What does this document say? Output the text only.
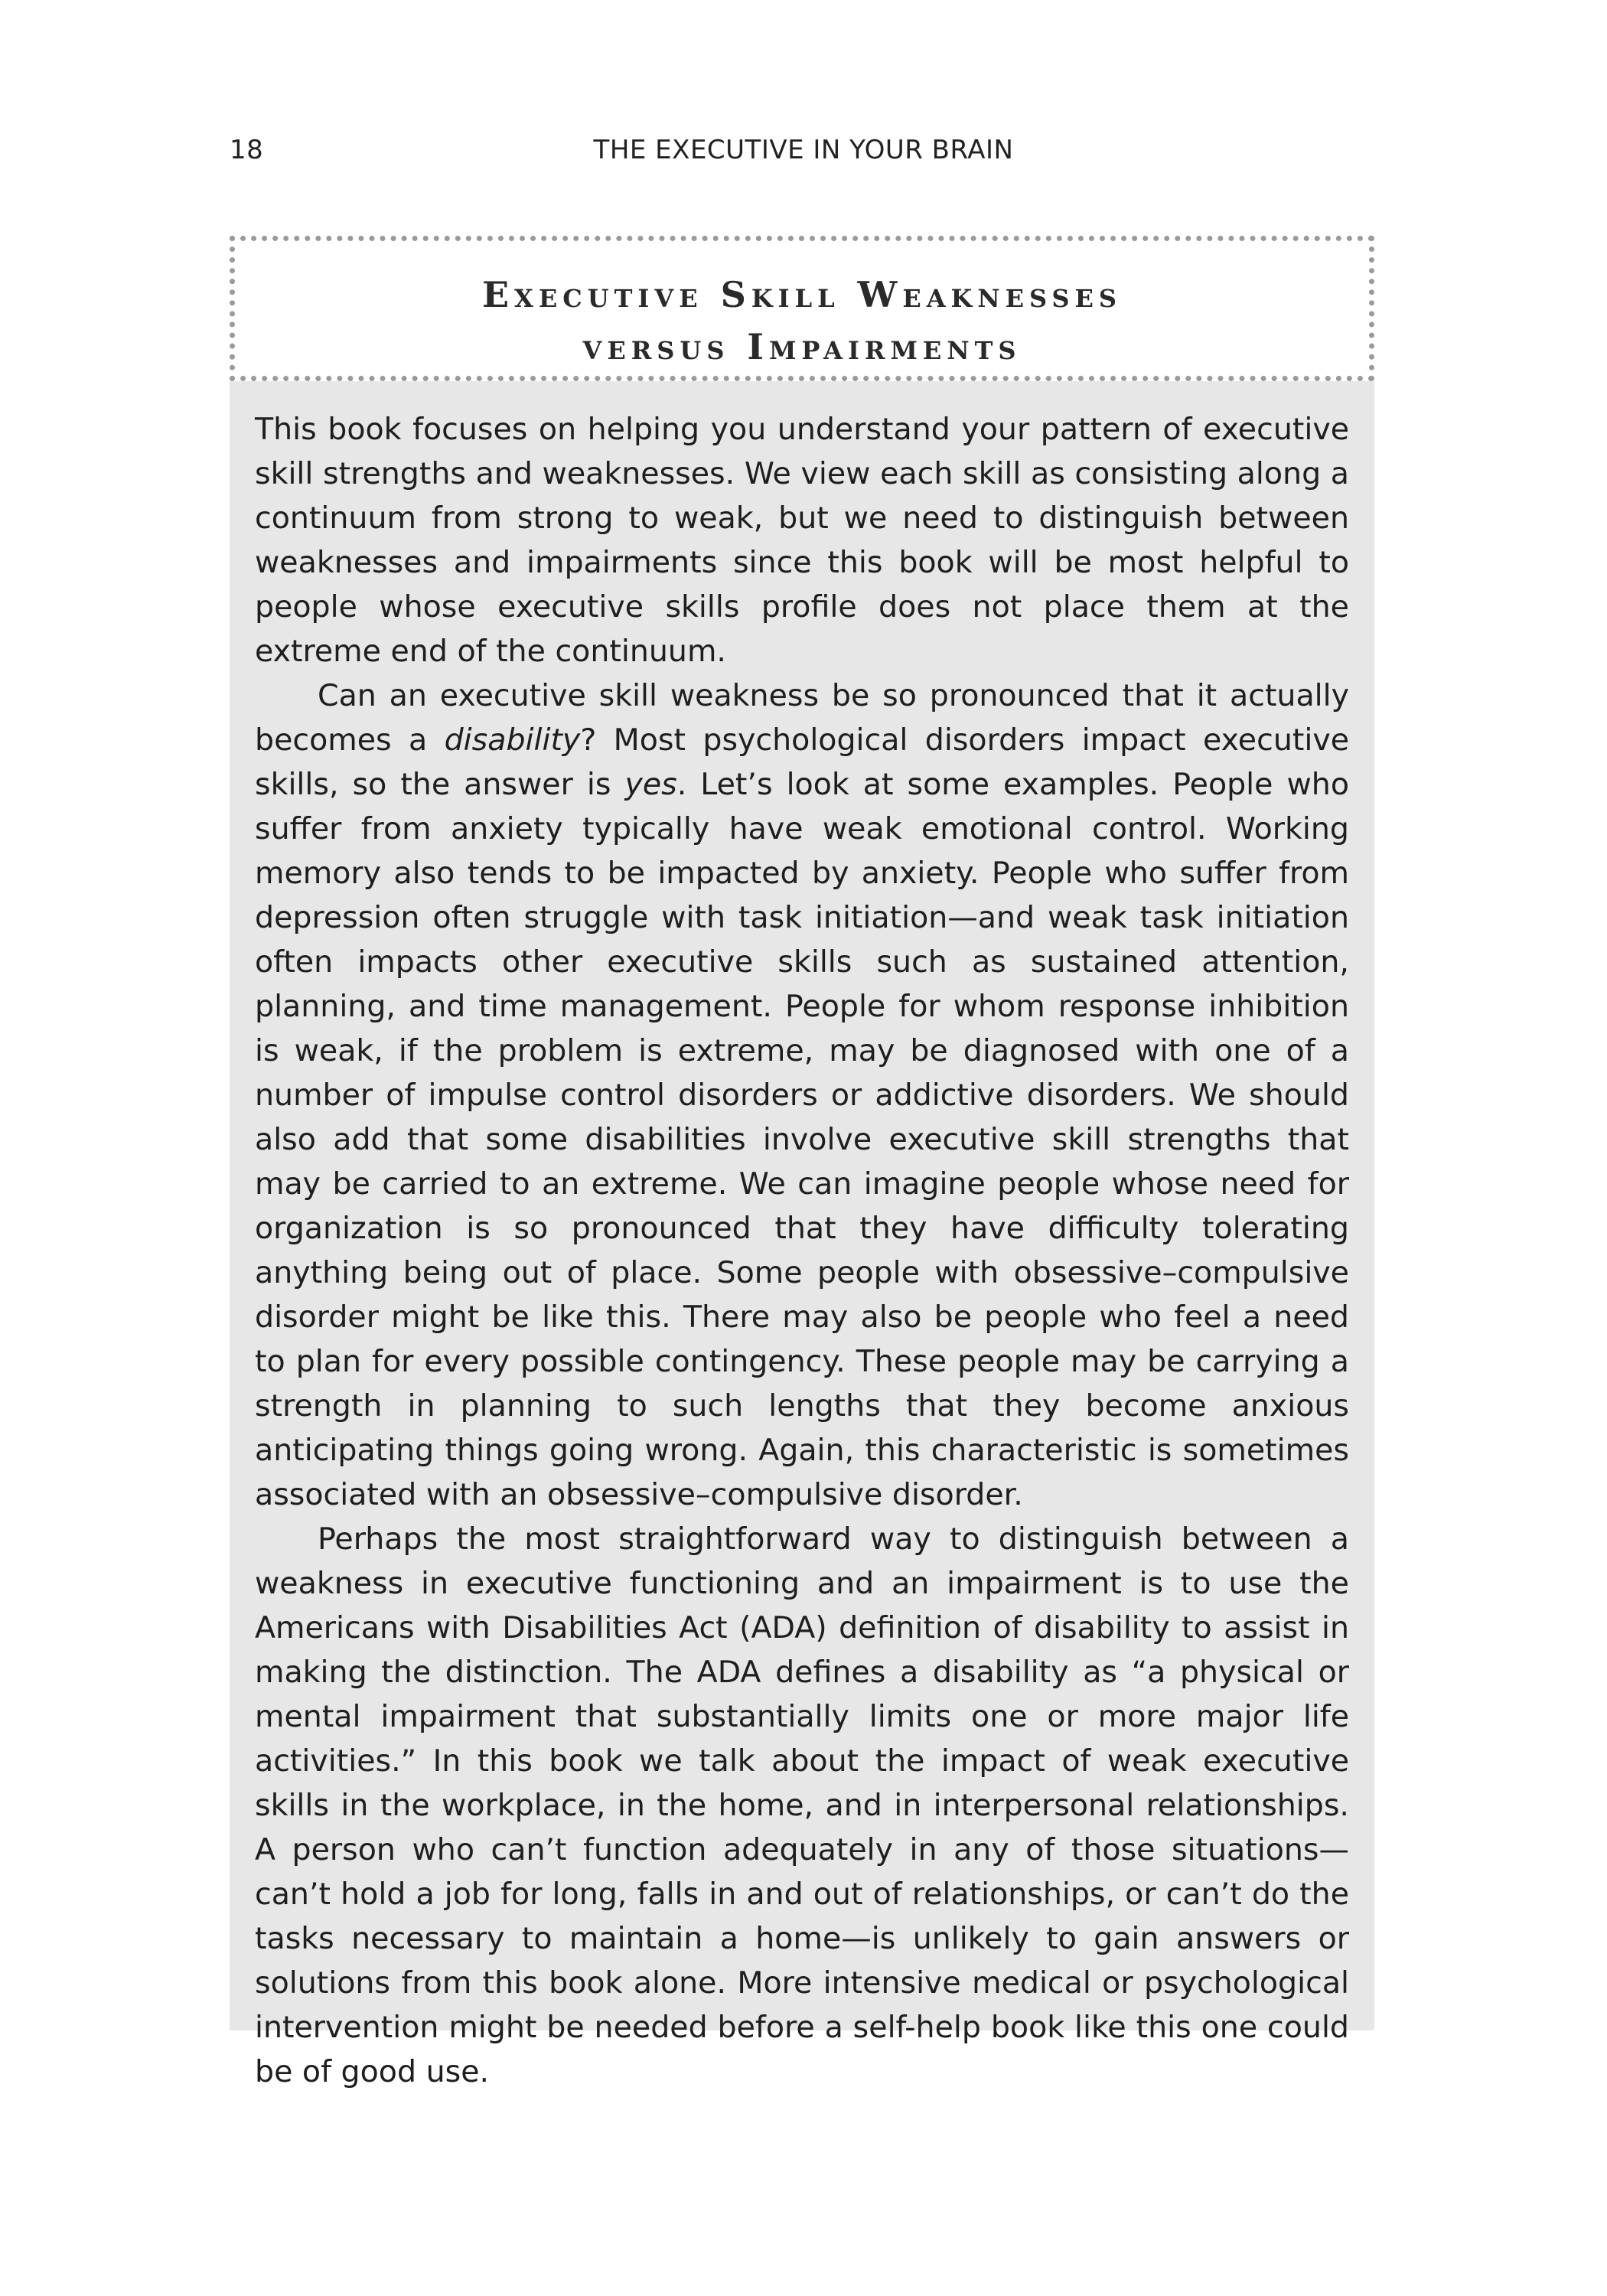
18	THE EXECUTIVE IN YOUR BRAIN
Executive Skill Weaknesses
versus Impairments

This book focuses on helping you understand your pattern of executive skill strengths and weaknesses. We view each skill as consisting along a continuum from strong to weak, but we need to distinguish between weaknesses and impairments since this book will be most helpful to people whose executive skills profile does not place them at the extreme end of the continuum.

Can an executive skill weakness be so pronounced that it actually becomes a disability? Most psychological disorders impact executive skills, so the answer is yes. Let’s look at some examples. People who suffer from anxiety typically have weak emotional control. Working memory also tends to be impacted by anxiety. People who suffer from depression often struggle with task initiation—and weak task initiation often impacts other executive skills such as sustained attention, planning, and time management. People for whom response inhibition is weak, if the problem is extreme, may be diagnosed with one of a number of impulse control disorders or addictive disorders. We should also add that some disabilities involve executive skill strengths that may be carried to an extreme. We can imagine people whose need for organization is so pronounced that they have difficulty tolerating anything being out of place. Some people with obsessive–compulsive disorder might be like this. There may also be people who feel a need to plan for every possible contingency. These people may be carrying a strength in planning to such lengths that they become anxious anticipating things going wrong. Again, this characteristic is sometimes associated with an obsessive–compulsive disorder.

Perhaps the most straightforward way to distinguish between a weakness in executive functioning and an impairment is to use the Americans with Disabilities Act (ADA) definition of disability to assist in making the distinction. The ADA defines a disability as “a physical or mental impairment that substantially limits one or more major life activities.” In this book we talk about the impact of weak executive skills in the workplace, in the home, and in interpersonal relationships. A person who can’t function adequately in any of those situations—can’t hold a job for long, falls in and out of relationships, or can’t do the tasks necessary to maintain a home—is unlikely to gain answers or solutions from this book alone. More intensive medical or psychological intervention might be needed before a self-help book like this one could be of good use.
